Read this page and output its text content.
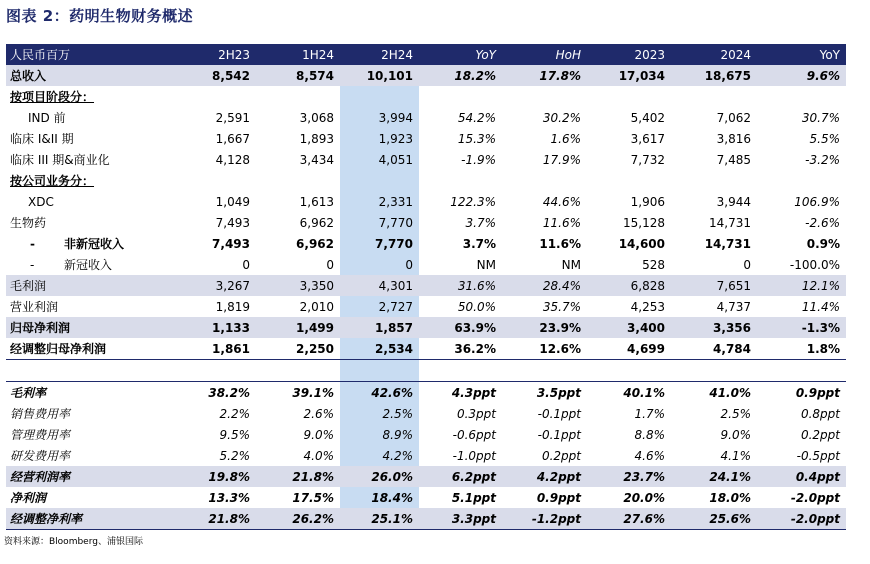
图表 2：药明生物财务概述
人民币百万	2H23	1H24	2H24	YoY	HoH	2023	2024	YoY
总收入	8,542	8,574	10,101	18.2%	17.8%	17,034	18,675	9.6%
按项目阶段分：
IND 前	2,591	3,068	3,994	54.2%	30.2%	5,402	7,062	30.7%
临床 I&II 期	1,667	1,893	1,923	15.3%	1.6%	3,617	3,816	5.5%
临床 III 期&商业化	4,128	3,434	4,051	-1.9%	17.9%	7,732	7,485	-3.2%
按公司业务分：
XDC	1,049	1,613	2,331	122.3%	44.6%	1,906	3,944	106.9%
生物药	7,493	6,962	7,770	3.7%	11.6%	15,128	14,731	-2.6%
- 非新冠收入	7,493	6,962	7,770	3.7%	11.6%	14,600	14,731	0.9%
- 新冠收入	0	0	0	NM	NM	528	0	-100.0%
毛利润	3,267	3,350	4,301	31.6%	28.4%	6,828	7,651	12.1%
营业利润	1,819	2,010	2,727	50.0%	35.7%	4,253	4,737	11.4%
归母净利润	1,133	1,499	1,857	63.9%	23.9%	3,400	3,356	-1.3%
经调整归母净利润	1,861	2,250	2,534	36.2%	12.6%	4,699	4,784	1.8%
毛利率	38.2%	39.1%	42.6%	4.3ppt	3.5ppt	40.1%	41.0%	0.9ppt
销售费用率	2.2%	2.6%	2.5%	0.3ppt	-0.1ppt	1.7%	2.5%	0.8ppt
管理费用率	9.5%	9.0%	8.9%	-0.6ppt	-0.1ppt	8.8%	9.0%	0.2ppt
研发费用率	5.2%	4.0%	4.2%	-1.0ppt	0.2ppt	4.6%	4.1%	-0.5ppt
经营利润率	19.8%	21.8%	26.0%	6.2ppt	4.2ppt	23.7%	24.1%	0.4ppt
净利润	13.3%	17.5%	18.4%	5.1ppt	0.9ppt	20.0%	18.0%	-2.0ppt
经调整净利率	21.8%	26.2%	25.1%	3.3ppt	-1.2ppt	27.6%	25.6%	-2.0ppt
资料来源：Bloomberg、浦银国际
